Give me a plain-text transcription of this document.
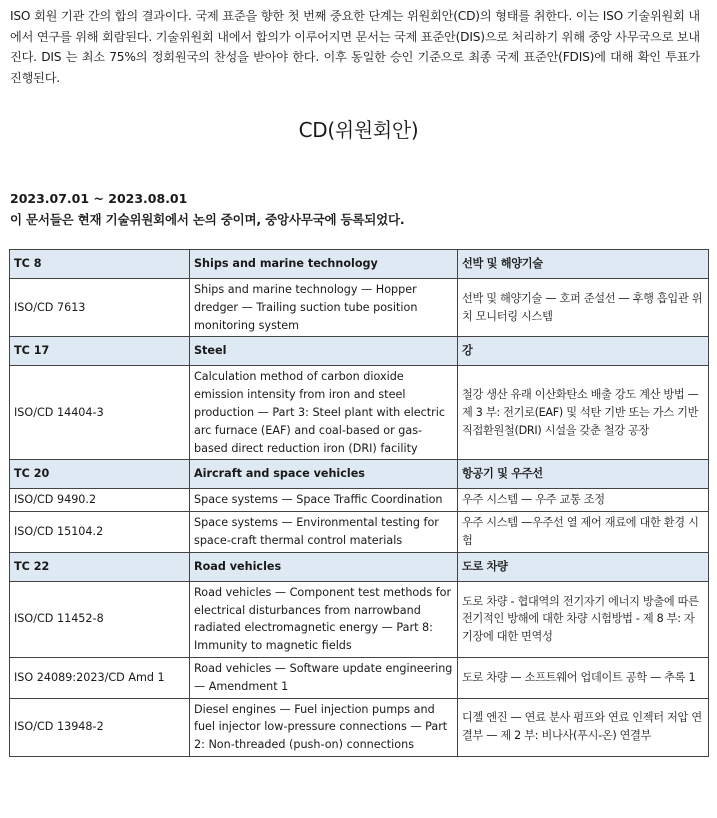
ISO 회원 기관 간의 합의 결과이다. 국제 표준을 향한 첫 번째 중요한 단계는 위원회안(CD)의 형태를 취한다. 이는 ISO 기술위원회 내에서 연구를 위해 회람된다. 기술위원회 내에서 합의가 이루어지면 문서는 국제 표준안(DIS)으로 처리하기 위해 중앙 사무국으로 보내진다. DIS 는 최소 75%의 정회원국의 찬성을 받아야 한다. 이후 동일한 승인 기준으로 최종 국제 표준안(FDIS)에 대해 확인 투표가 진행된다.
CD(위원회안)
2023.07.01 ~ 2023.08.01
이 문서들은 현재 기술위원회에서 논의 중이며, 중앙사무국에 등록되었다.
TC 8	Ships and marine technology	선박 및 해양기술
ISO/CD 7613	Ships and marine technology — Hopper dredger — Trailing suction tube position monitoring system	선박 및 해양기술 — 호퍼 준설선 — 후행 흡입관 위치 모니터링 시스템
TC 17	Steel	강
ISO/CD 14404-3	Calculation method of carbon dioxide emission intensity from iron and steel production — Part 3: Steel plant with electric arc furnace (EAF) and coal-based or gas-based direct reduction iron (DRI) facility	철강 생산 유래 이산화탄소 배출 강도 계산 방법 — 제 3 부: 전기로(EAF) 및 석탄 기반 또는 가스 기반 직접환원철(DRI) 시설을 갖춘 철강 공장
TC 20	Aircraft and space vehicles	항공기 및 우주선
ISO/CD 9490.2	Space systems — Space Traffic Coordination	우주 시스템 — 우주 교통 조정
ISO/CD 15104.2	Space systems — Environmental testing for space-craft thermal control materials	우주 시스템 —우주선 열 제어 재료에 대한 환경 시험
TC 22	Road vehicles	도로 차량
ISO/CD 11452-8	Road vehicles — Component test methods for electrical disturbances from narrowband radiated electromagnetic energy — Part 8: Immunity to magnetic fields	도로 차량 - 협대역의 전기자기 에너지 방출에 따른 전기적인 방해에 대한 차량 시험방법 - 제 8 부: 자기장에 대한 면역성
ISO 24089:2023/CD Amd 1	Road vehicles — Software update engineering — Amendment 1	도로 차량 — 소프트웨어 업데이트 공학 — 추록 1
ISO/CD 13948-2	Diesel engines — Fuel injection pumps and fuel injector low-pressure connections — Part 2: Non-threaded (push-on) connections	디젤 엔진 — 연료 분사 펌프와 연료 인젝터 저압 연결부 — 제 2 부: 비나사(푸시-온) 연결부
